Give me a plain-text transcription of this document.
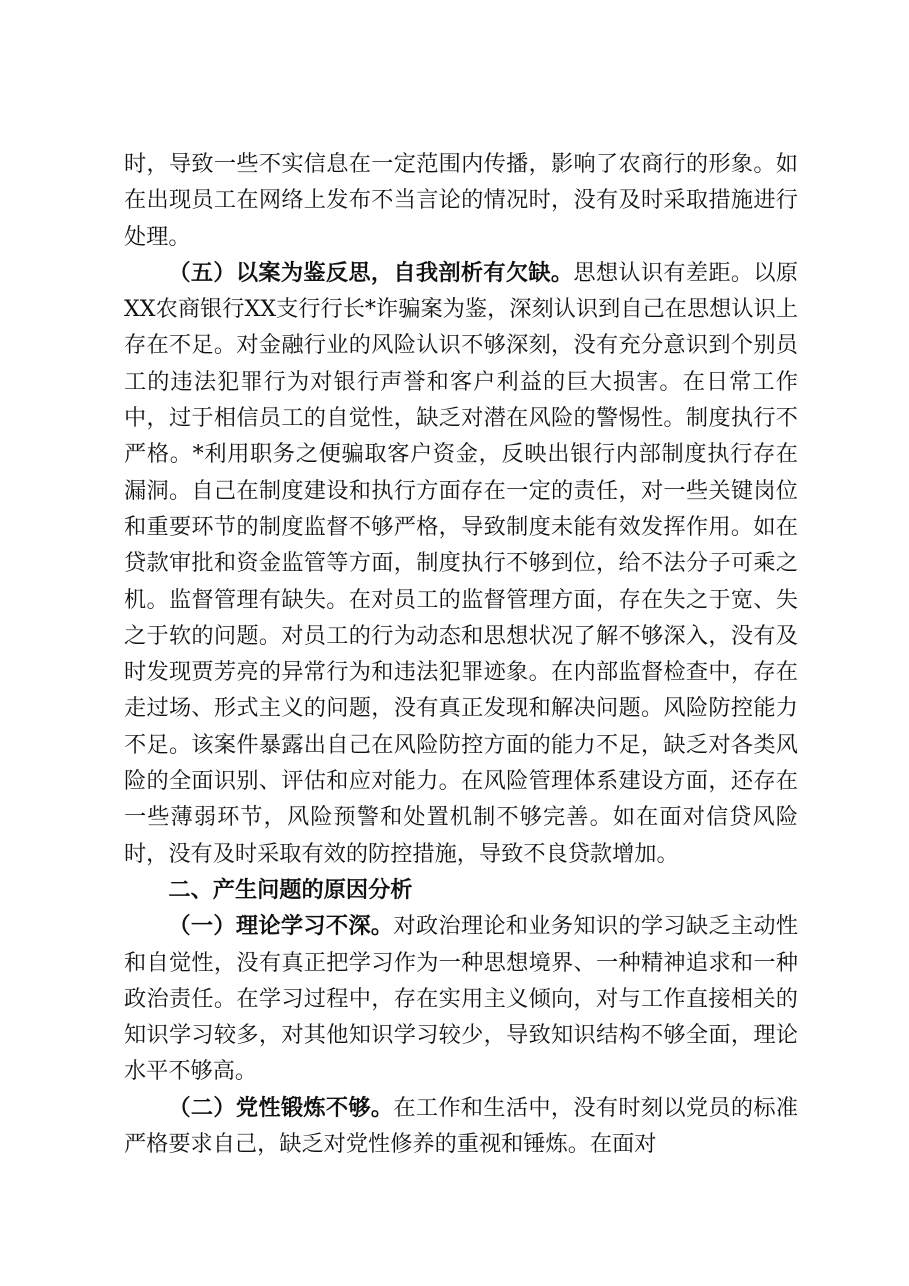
时，导致一些不实信息在一定范围内传播，影响了农商行的形象。如在出现员工在网络上发布不当言论的情况时，没有及时采取措施进行处理。

（五）以案为鉴反思，自我剖析有欠缺。思想认识有差距。以原XX农商银行XX支行行长*诈骗案为鉴，深刻认识到自己在思想认识上存在不足。对金融行业的风险认识不够深刻，没有充分意识到个别员工的违法犯罪行为对银行声誉和客户利益的巨大损害。在日常工作中，过于相信员工的自觉性，缺乏对潜在风险的警惕性。制度执行不严格。*利用职务之便骗取客户资金，反映出银行内部制度执行存在漏洞。自己在制度建设和执行方面存在一定的责任，对一些关键岗位和重要环节的制度监督不够严格，导致制度未能有效发挥作用。如在贷款审批和资金监管等方面，制度执行不够到位，给不法分子可乘之机。监督管理有缺失。在对员工的监督管理方面，存在失之于宽、失之于软的问题。对员工的行为动态和思想状况了解不够深入，没有及时发现贾芳亮的异常行为和违法犯罪迹象。在内部监督检查中，存在走过场、形式主义的问题，没有真正发现和解决问题。风险防控能力不足。该案件暴露出自己在风险防控方面的能力不足，缺乏对各类风险的全面识别、评估和应对能力。在风险管理体系建设方面，还存在一些薄弱环节，风险预警和处置机制不够完善。如在面对信贷风险时，没有及时采取有效的防控措施，导致不良贷款增加。

二、产生问题的原因分析

（一）理论学习不深。对政治理论和业务知识的学习缺乏主动性和自觉性，没有真正把学习作为一种思想境界、一种精神追求和一种政治责任。在学习过程中，存在实用主义倾向，对与工作直接相关的知识学习较多，对其他知识学习较少，导致知识结构不够全面，理论水平不够高。

（二）党性锻炼不够。在工作和生活中，没有时刻以党员的标准严格要求自己，缺乏对党性修养的重视和锤炼。在面对
